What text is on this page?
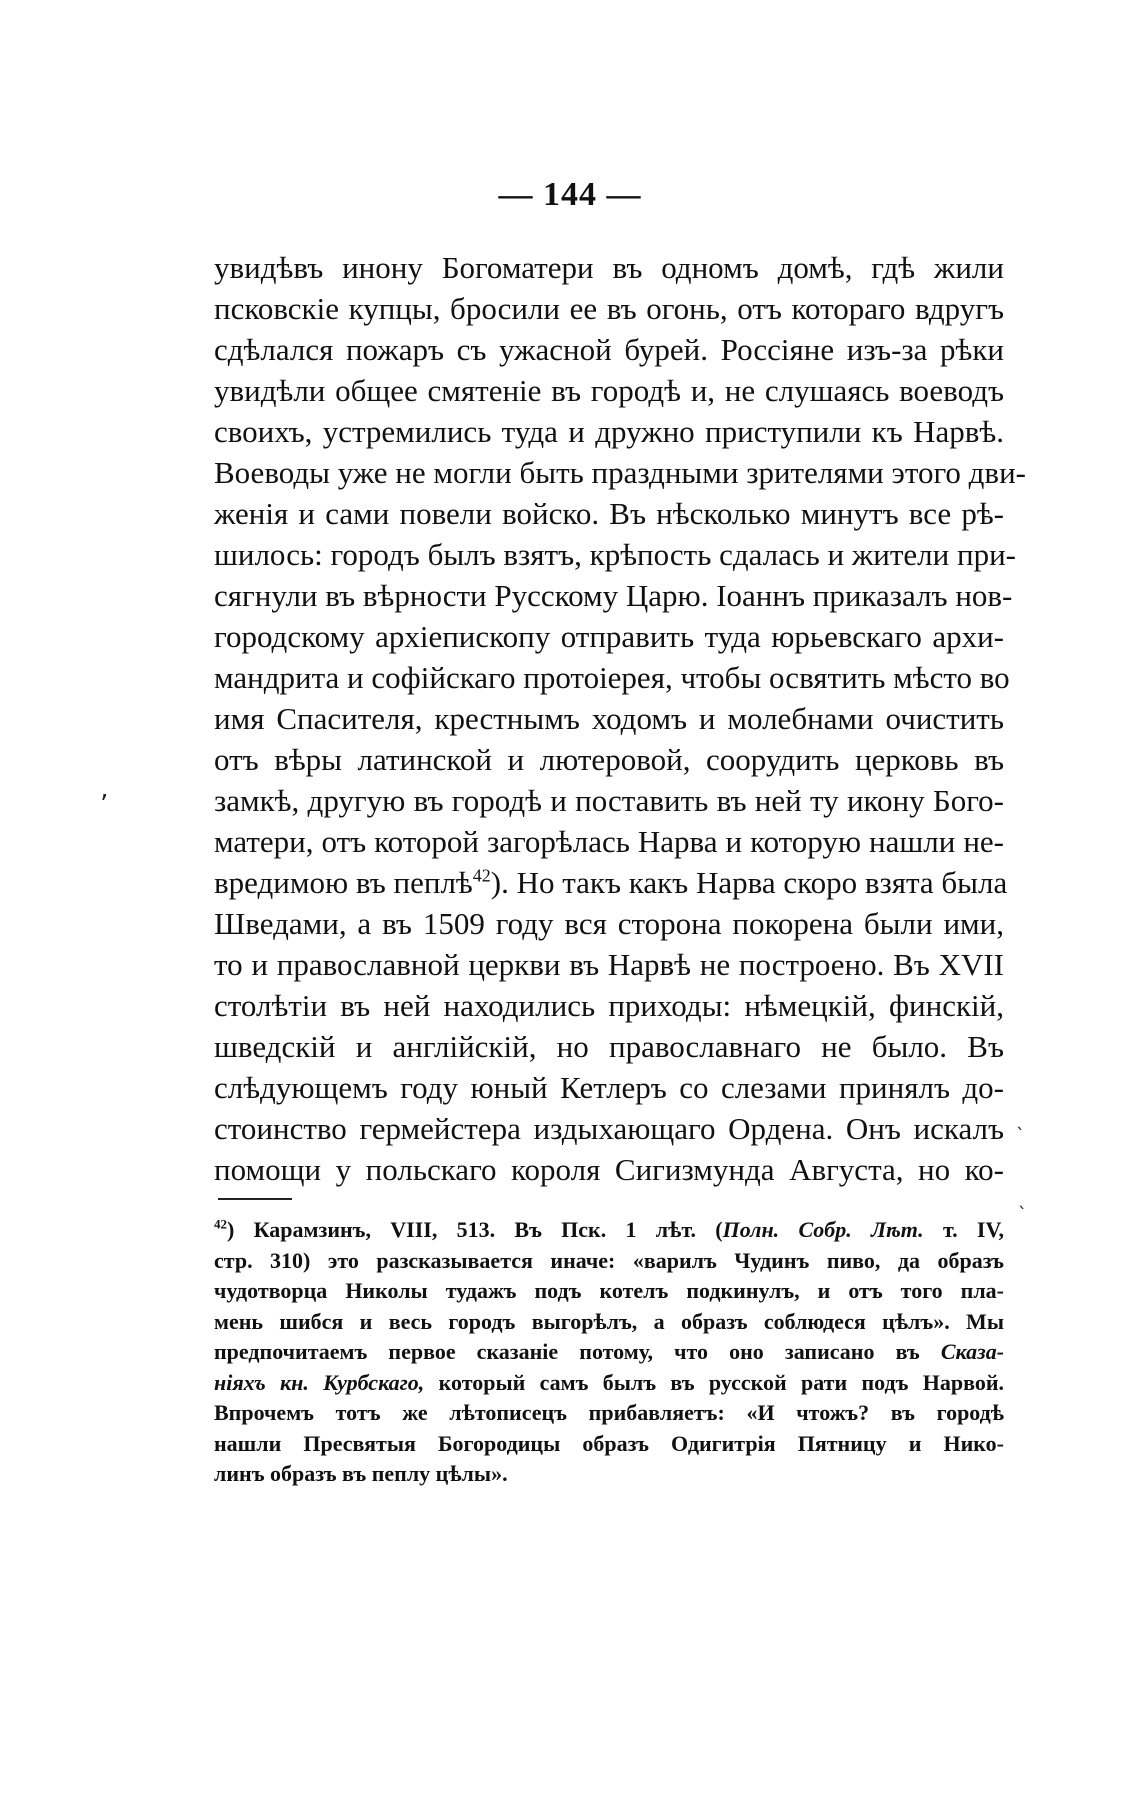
— 144 —
увидѣвъ инону Богоматери въ одномъ домѣ, гдѣ жили
псковскіе купцы, бросили ее въ огонь, отъ котораго вдругъ
сдѣлался пожаръ съ ужасной бурей. Россіяне изъ-за рѣки
увидѣли общее смятеніе въ городѣ и, не слушаясь воеводъ
своихъ, устремились туда и дружно приступили къ Нарвѣ.
Воеводы уже не могли быть праздными зрителями этого дви-
женія и сами повели войско. Въ нѣсколько минутъ все рѣ-
шилось: городъ былъ взятъ, крѣпость сдалась и жители при-
сягнули въ вѣрности Русскому Царю. Іоаннъ приказалъ нов-
городскому архіепископу отправить туда юрьевскаго архи-
мандрита и софійскаго протоіерея, чтобы освятить мѣсто во
имя Спасителя, крестнымъ ходомъ и молебнами очистить
отъ вѣры латинской и лютеровой, соорудить церковь въ
замкѣ, другую въ городѣ и поставить въ ней ту икону Бого-
матери, отъ которой загорѣлась Нарва и которую нашли не-
вредимою въ пеплѣ$^{42}$). Но такъ какъ Нарва скоро взята была
Шведами, а въ 1509 году вся сторона покорена были ими,
то и православной церкви въ Нарвѣ не построено. Въ XVII
столѣтіи въ ней находились приходы: нѣмецкій, финскій,
шведскій и англійскій, но православнаго не было. Въ
слѣдующемъ году юный Кетлеръ со слезами принялъ до-
стоинство гермейстера издыхающаго Ордена. Онъ искалъ
помощи у польскаго короля Сигизмунда Августа, но ко-
$^{42}$) Карамзинъ, VIII, 513. Въ Пск. 1 лѣт. (Полн. Собр. Лѣт. т. IV,
стр. 310) это разсказывается иначе: «варилъ Чудинъ пиво, да образъ
чудотворца Николы тудажъ подъ котелъ подкинулъ, и отъ того пла-
мень шибся и весь городъ выгорѣлъ, а образъ соблюдеся цѣлъ». Мы
предпочитаемъ первое сказаніе потому, что оно записано въ Сказа-
ніяхъ кн. Курбскаго, который самъ былъ въ русской рати подъ Нарвой.
Впрочемъ тотъ же лѣтописецъ прибавляетъ: «И чтожъ? въ городѣ
нашли Пресвятыя Богородицы образъ Одигитрія Пятницу и Нико-
линъ образъ въ пеплу цѣлы».
’
ˎ
ˋ
